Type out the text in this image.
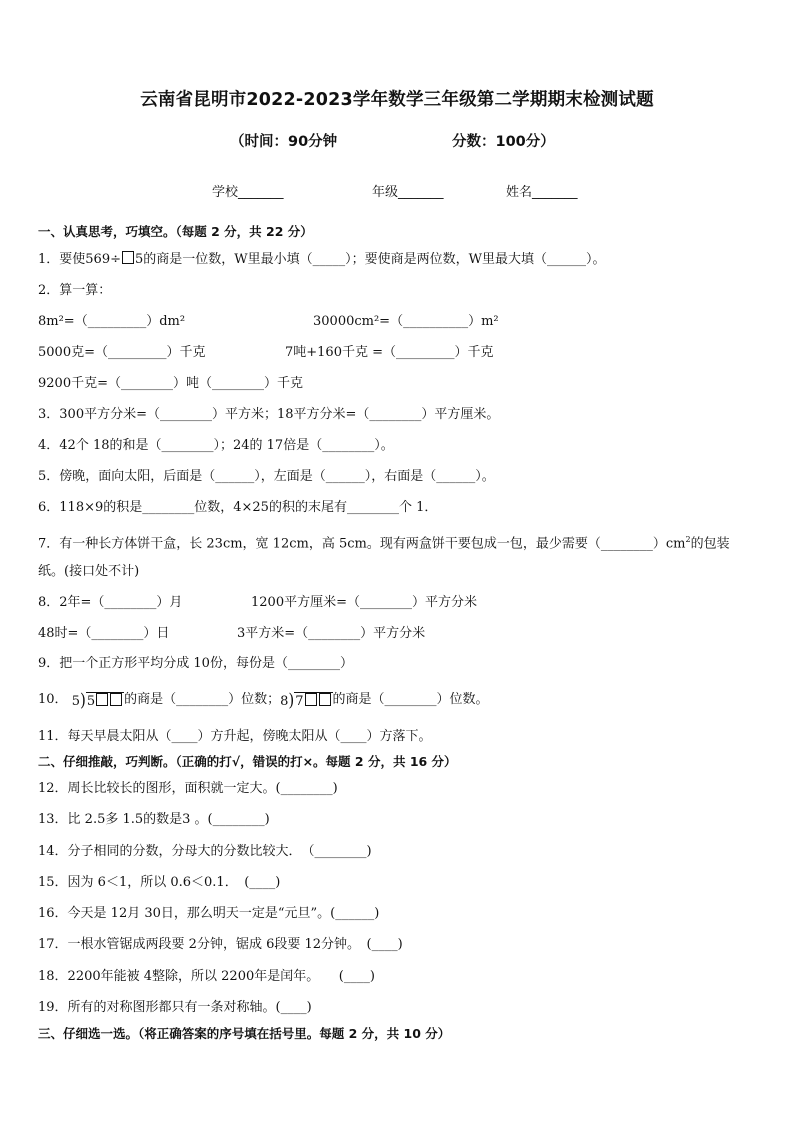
云南省昆明市2022-2023学年数学三年级第二学期期末检测试题
（时间：90分钟	分数：100分）
学校_______	年级_______	姓名_______
一、认真思考，巧填空。（每题 2 分，共 22 分）
1．要使569÷ 5的商是一位数，W里最小填（_____）；要使商是两位数，W里最大填（______）。
2．算一算：
8m²=（_________）dm²	30000cm²=（__________）m²
5000克=（_________）千克	7吨+160千克 =（_________）千克
9200千克=（________）吨（________）千克
3．300平方分米=（________）平方米；18平方分米=（________）平方厘米。
4．42个 18的和是（________）；24的 17倍是（________）。
5．傍晚，面向太阳，后面是（______），左面是（______），右面是（______）。
6．118×9的积是________位数，4×25的积的末尾有________个 1．
7．有一种长方体饼干盒，长 23cm，宽 12cm，高 5cm。现有两盒饼干要包成一包，最少需要$(\_\_\_\_\_\_\_\_)cm^2$的包装
纸。(接口处不计)
8．2年=（________）月	1200平方厘米=（________）平方分米
48时=（________）日	3平方米=（________）平方分米
9．把一个正方形平均分成 10份，每份是（________）
10． 5)5 的商是（________）位数；8)7 的商是（________）位数。
11．每天早晨太阳从（____）方升起，傍晚太阳从（____）方落下。
二、仔细推敲，巧判断。（正确的打√，错误的打×。每题 2 分，共 16 分）
12．周长比较长的图形，面积就一定大。(________)
13．比 2.5多 1.5的数是3 。(________)
14．分子相同的分数，分母大的分数比较大．　（________)
15．因为 6＜1，所以 0.6＜0.1．　(____)
16．今天是 12月 30日，那么明天一定是“元旦”。(______)
17．一根水管锯成两段要 2分钟，锯成 6段要 12分钟。　(____)
18．2200年能被 4整除，所以 2200年是闰年。　　(____)
19．所有的对称图形都只有一条对称轴。(____)
三、仔细选一选。（将正确答案的序号填在括号里。每题 2 分，共 10 分）
